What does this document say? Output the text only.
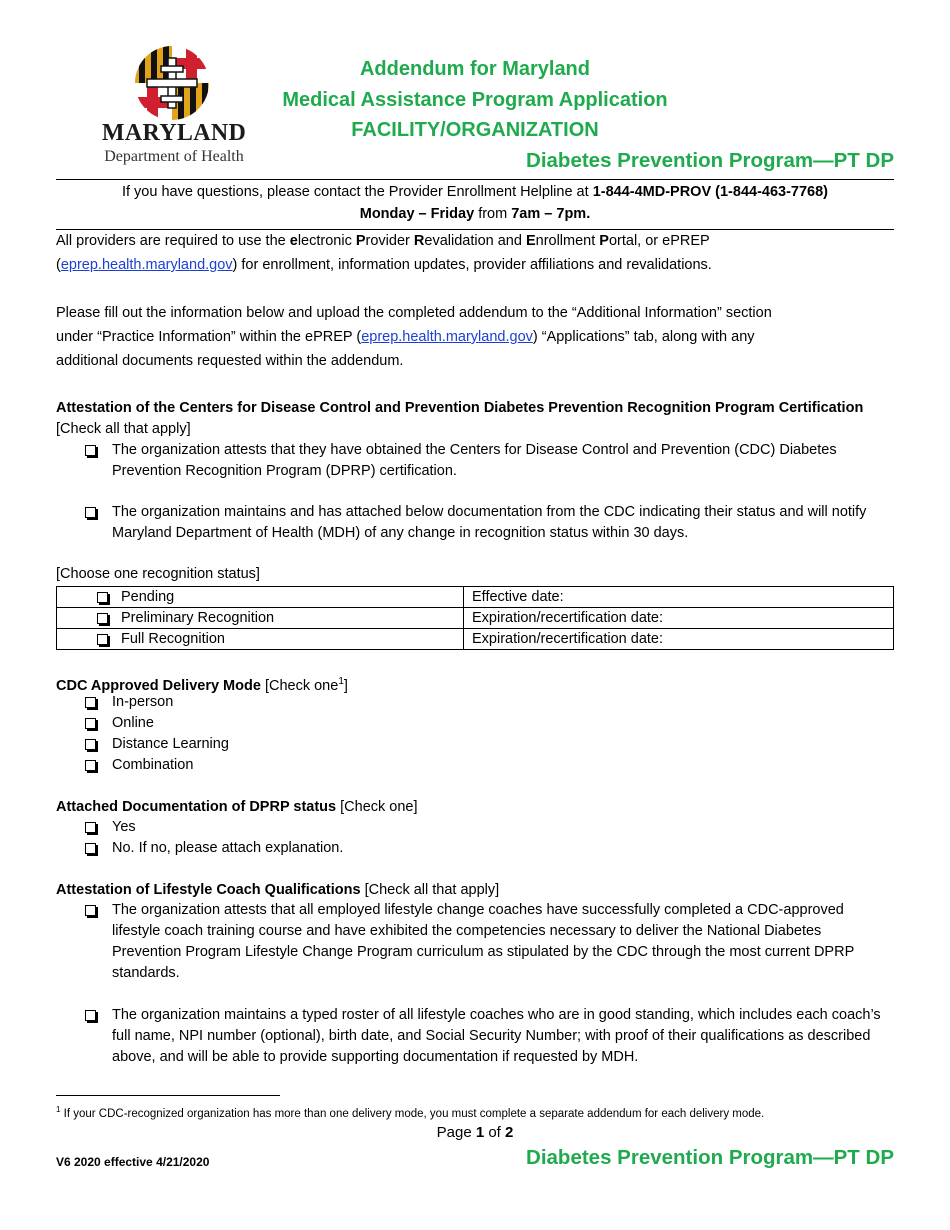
MARYLAND
Department of Health
Addendum for Maryland
Medical Assistance Program Application
FACILITY/ORGANIZATION
Diabetes Prevention Program—PT DP
If you have questions, please contact the Provider Enrollment Helpline at 1-844-4MD-PROV (1-844-463-7768)
Monday – Friday from 7am – 7pm.
All providers are required to use the electronic Provider Revalidation and Enrollment Portal, or ePREP
(eprep.health.maryland.gov) for enrollment, information updates, provider affiliations and revalidations.
Please fill out the information below and upload the completed addendum to the “Additional Information” section
under “Practice Information” within the ePREP (eprep.health.maryland.gov) “Applications” tab, along with any
additional documents requested within the addendum.
Attestation of the Centers for Disease Control and Prevention Diabetes Prevention Recognition Program Certification
[Check all that apply]
The organization attests that they have obtained the Centers for Disease Control and Prevention (CDC) Diabetes Prevention Recognition Program (DPRP) certification.
The organization maintains and has attached below documentation from the CDC indicating their status and will notify Maryland Department of Health (MDH) of any change in recognition status within 30 days.
[Choose one recognition status]
Pending	Effective date:

Preliminary Recognition	Expiration/recertification date:

Full Recognition	Expiration/recertification date:
CDC Approved Delivery Mode [Check one$^1$]
In-person
Online
Distance Learning
Combination
Attached Documentation of DPRP status [Check one]
Yes
No. If no, please attach explanation.
Attestation of Lifestyle Coach Qualifications [Check all that apply]
The organization attests that all employed lifestyle change coaches have successfully completed a CDC-approved lifestyle coach training course and have exhibited the competencies necessary to deliver the National Diabetes Prevention Program Lifestyle Change Program curriculum as stipulated by the CDC through the most current DPRP standards.
The organization maintains a typed roster of all lifestyle coaches who are in good standing, which includes each coach’s full name, NPI number (optional), birth date, and Social Security Number; with proof of their qualifications as described above, and will be able to provide supporting documentation if requested by MDH.
$^1$ If your CDC-recognized organization has more than one delivery mode, you must complete a separate addendum for each delivery mode.
Page 1 of 2
V6 2020 effective 4/21/2020	Diabetes Prevention Program—PT DP
